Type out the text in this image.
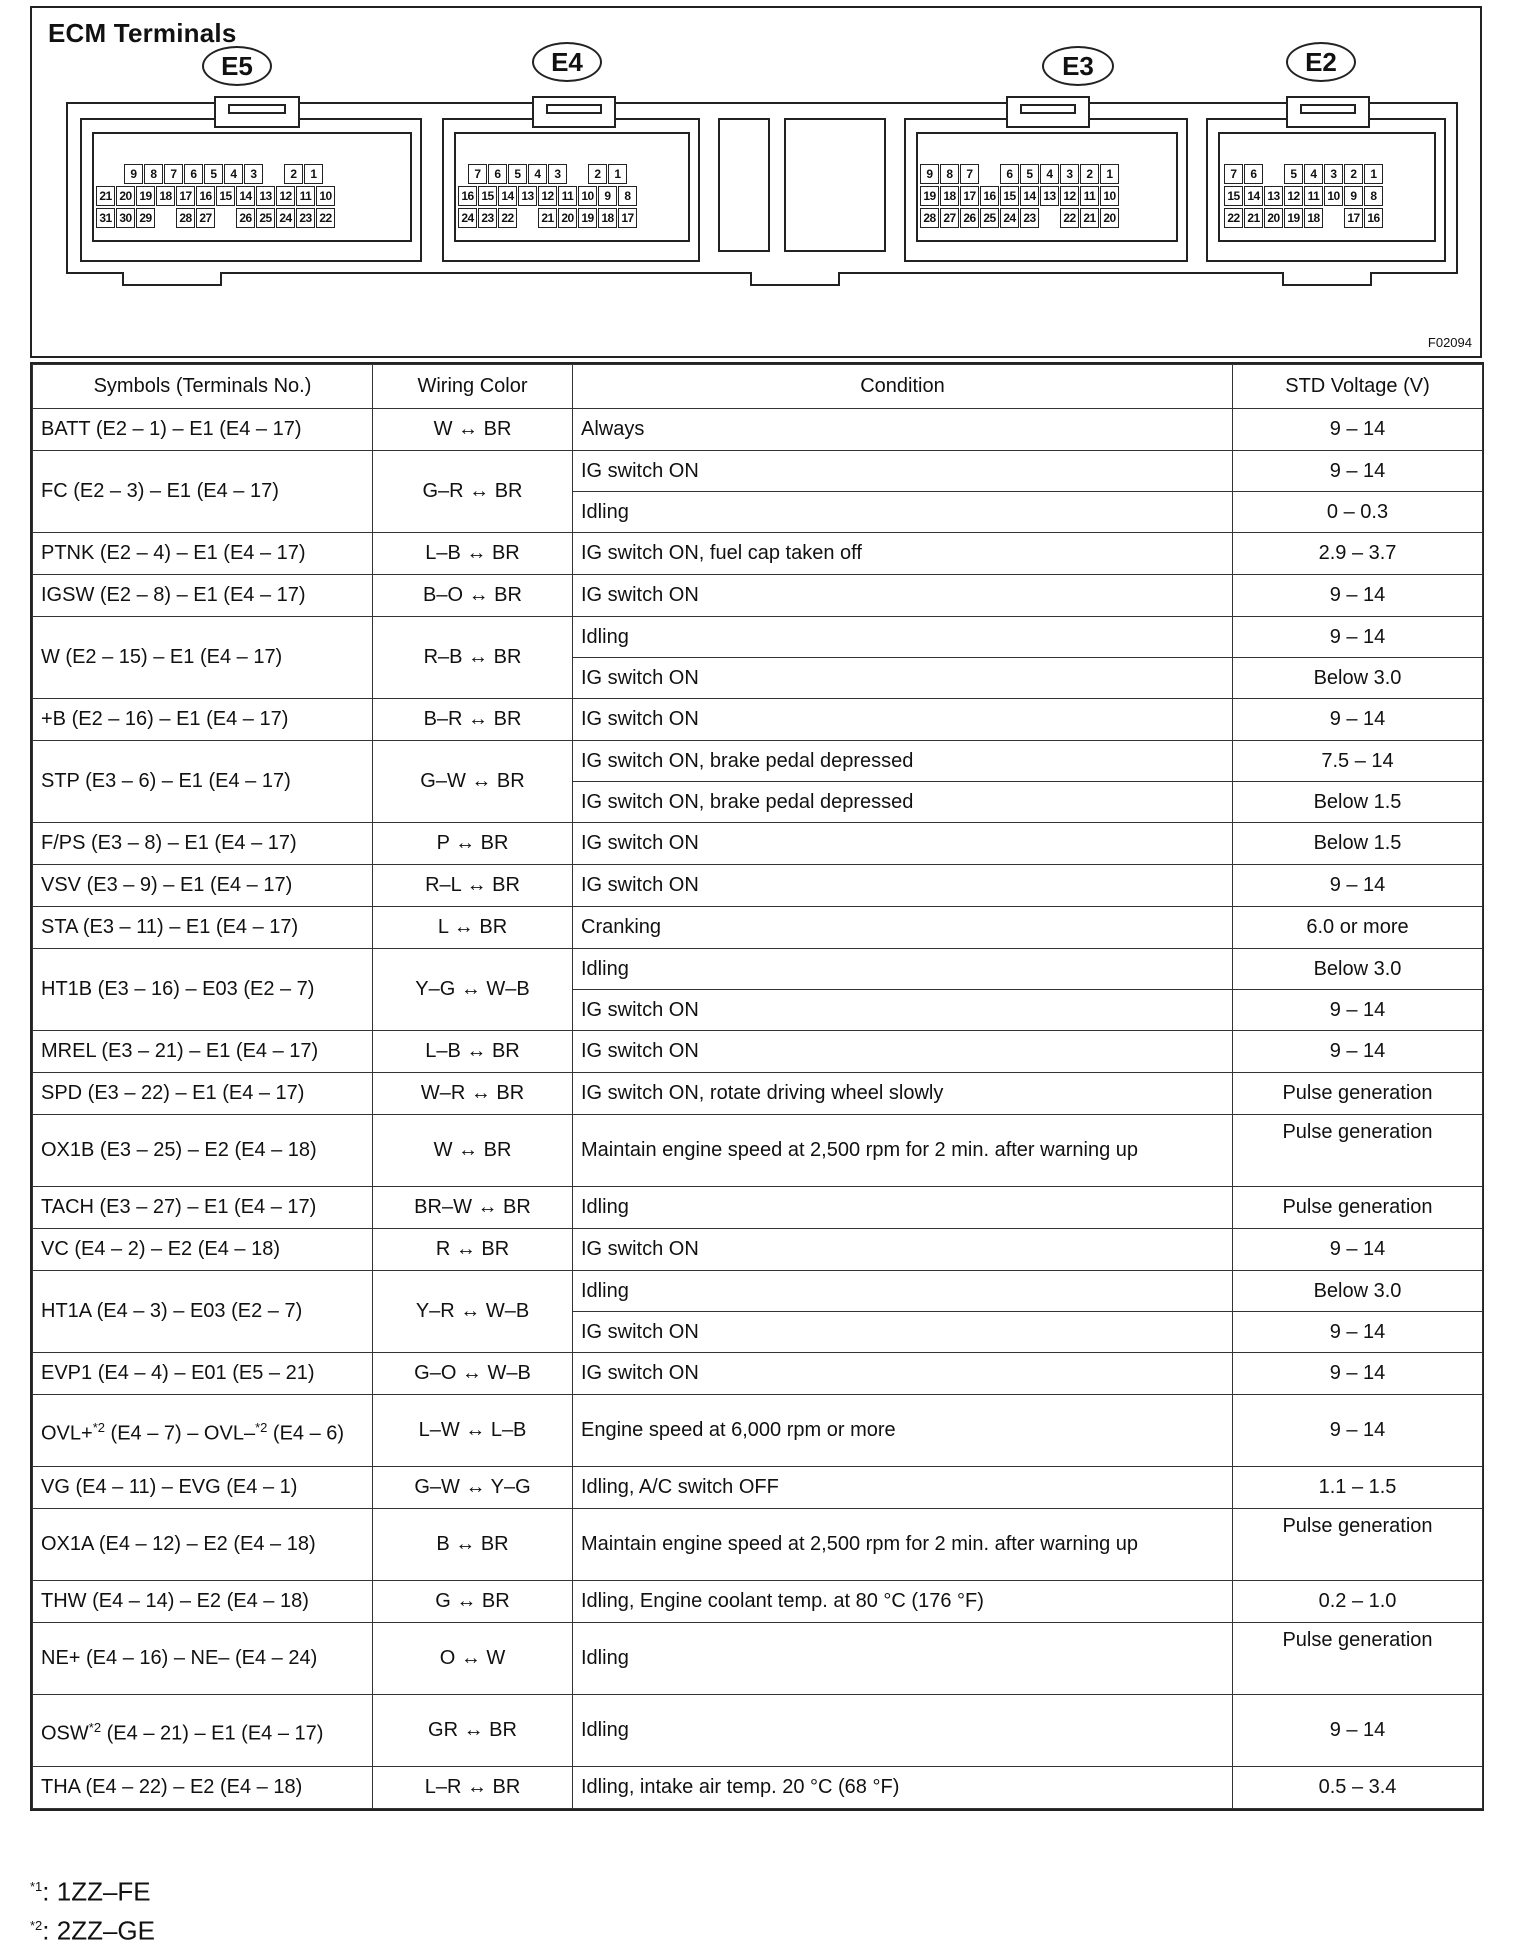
ECM Terminals
E5	E4	E3	E2
9	8	7	6	5	4	3	2	1
21 20 19 18 17 16 15 14 13 12 11 10
31 30 29 28 27 26 25 24 23 22
7	6	5	4	3	2	1
16 15 14 13 12 11 10 9	8
24 23 22 21 20 19 18 17
9	8	7	6	5	4	3	2	1
19 18 17 16 15 14 13 12 11 10
28 27 26 25 24 23 22 21 20
7	6	5	4	3	2	1
15 14 13 12 11 10 9	8
22 21 20 19 18 17 16
F02094
Symbols (Terminals No.)	Wiring Color	Condition	STD Voltage (V)
BATT (E2 – 1) – E1 (E4 – 17)	W ↔ BR	Always	9 – 14
FC (E2 – 3) – E1 (E4 – 17)	G–R ↔ BR	IG switch ON	9 – 14
		Idling	0 – 0.3
PTNK (E2 – 4) – E1 (E4 – 17)	L–B ↔ BR	IG switch ON, fuel cap taken off	2.9 – 3.7
IGSW (E2 – 8) – E1 (E4 – 17)	B–O ↔ BR	IG switch ON	9 – 14
W (E2 – 15) – E1 (E4 – 17)	R–B ↔ BR	Idling	9 – 14
		IG switch ON	Below 3.0
+B (E2 – 16) – E1 (E4 – 17)	B–R ↔ BR	IG switch ON	9 – 14
STP (E3 – 6) – E1 (E4 – 17)	G–W ↔ BR	IG switch ON, brake pedal depressed	7.5 – 14
		IG switch ON, brake pedal depressed	Below 1.5
F/PS (E3 – 8) – E1 (E4 – 17)	P ↔ BR	IG switch ON	Below 1.5
VSV (E3 – 9) – E1 (E4 – 17)	R–L ↔ BR	IG switch ON	9 – 14
STA (E3 – 11) – E1 (E4 – 17)	L ↔ BR	Cranking	6.0 or more
HT1B (E3 – 16) – E03 (E2 – 7)	Y–G ↔ W–B	Idling	Below 3.0
		IG switch ON	9 – 14
MREL (E3 – 21) – E1 (E4 – 17)	L–B ↔ BR	IG switch ON	9 – 14
SPD (E3 – 22) – E1 (E4 – 17)	W–R ↔ BR	IG switch ON, rotate driving wheel slowly	Pulse generation
OX1B (E3 – 25) – E2 (E4 – 18)	W ↔ BR	Maintain engine speed at 2,500 rpm for 2 min. after warning up	Pulse generation
TACH (E3 – 27) – E1 (E4 – 17)	BR–W ↔ BR	Idling	Pulse generation
VC (E4 – 2) – E2 (E4 – 18)	R ↔ BR	IG switch ON	9 – 14
HT1A (E4 – 3) – E03 (E2 – 7)	Y–R ↔ W–B	Idling	Below 3.0
		IG switch ON	9 – 14
EVP1 (E4 – 4) – E01 (E5 – 21)	G–O ↔ W–B	IG switch ON	9 – 14
OVL+$^{*2}$ (E4 – 7) – OVL–$^{*2}$ (E4 – 6)	L–W ↔ L–B	Engine speed at 6,000 rpm or more	9 – 14
VG (E4 – 11) – EVG (E4 – 1)	G–W ↔ Y–G	Idling, A/C switch OFF	1.1 – 1.5
OX1A (E4 – 12) – E2 (E4 – 18)	B ↔ BR	Maintain engine speed at 2,500 rpm for 2 min. after warning up	Pulse generation
THW (E4 – 14) – E2 (E4 – 18)	G ↔ BR	Idling, Engine coolant temp. at 80 °C (176 °F)	0.2 – 1.0
NE+ (E4 – 16) – NE– (E4 – 24)	O ↔ W	Idling	Pulse generation
OSW$^{*2}$ (E4 – 21) – E1 (E4 – 17)	GR ↔ BR	Idling	9 – 14
THA (E4 – 22) – E2 (E4 – 18)	L–R ↔ BR	Idling, intake air temp. 20 °C (68 °F)	0.5 – 3.4
$^{*1}$: 1ZZ–FE
$^{*2}$: 2ZZ–GE
